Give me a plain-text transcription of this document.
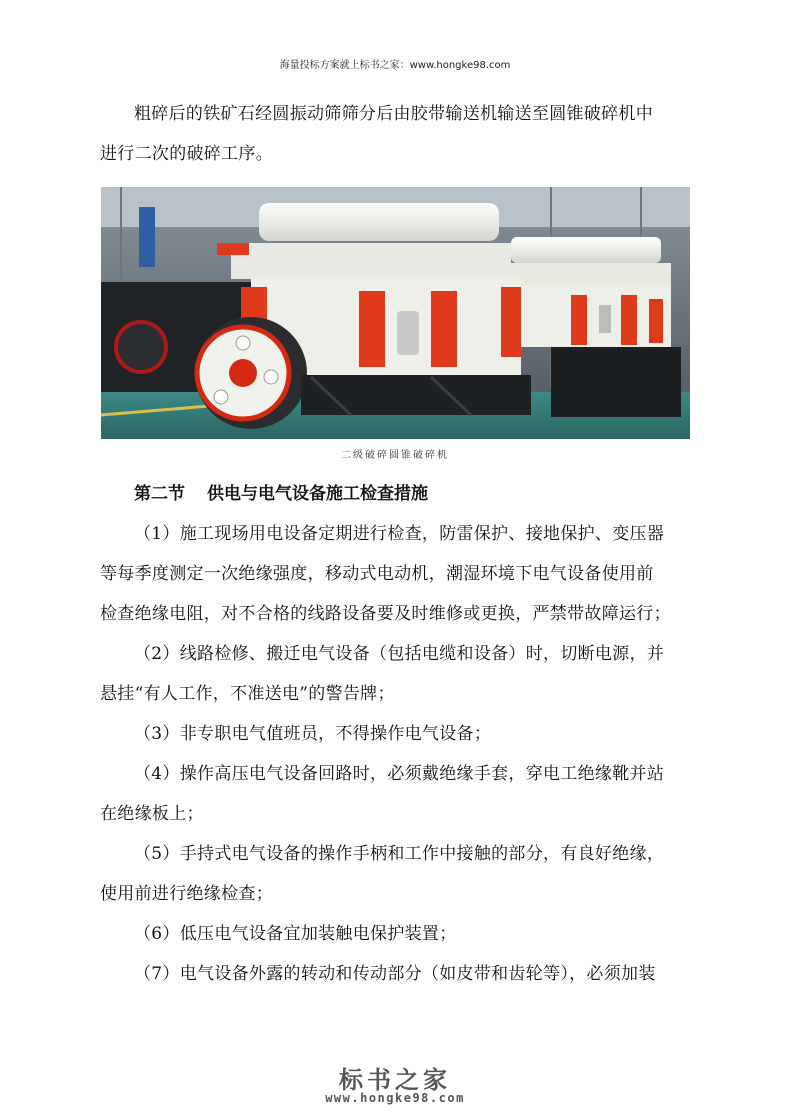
海量投标方案就上标书之家：www.hongke98.com
粗碎后的铁矿石经圆振动筛筛分后由胶带输送机输送至圆锥破碎机中
进行二次的破碎工序。
二级破碎圆锥破碎机
第二节 供电与电气设备施工检查措施
（1）施工现场用电设备定期进行检查，防雷保护、接地保护、变压器
等每季度测定一次绝缘强度，移动式电动机，潮湿环境下电气设备使用前
检查绝缘电阻，对不合格的线路设备要及时维修或更换，严禁带故障运行；
（2）线路检修、搬迁电气设备（包括电缆和设备）时，切断电源，并
悬挂“有人工作，不准送电”的警告牌；
（3）非专职电气值班员，不得操作电气设备；
（4）操作高压电气设备回路时，必须戴绝缘手套，穿电工绝缘靴并站
在绝缘板上；
（5）手持式电气设备的操作手柄和工作中接触的部分，有良好绝缘，
使用前进行绝缘检查；
（6）低压电气设备宜加装触电保护装置；
（7）电气设备外露的转动和传动部分（如皮带和齿轮等），必须加装
标书之家
www.hongke98.com
